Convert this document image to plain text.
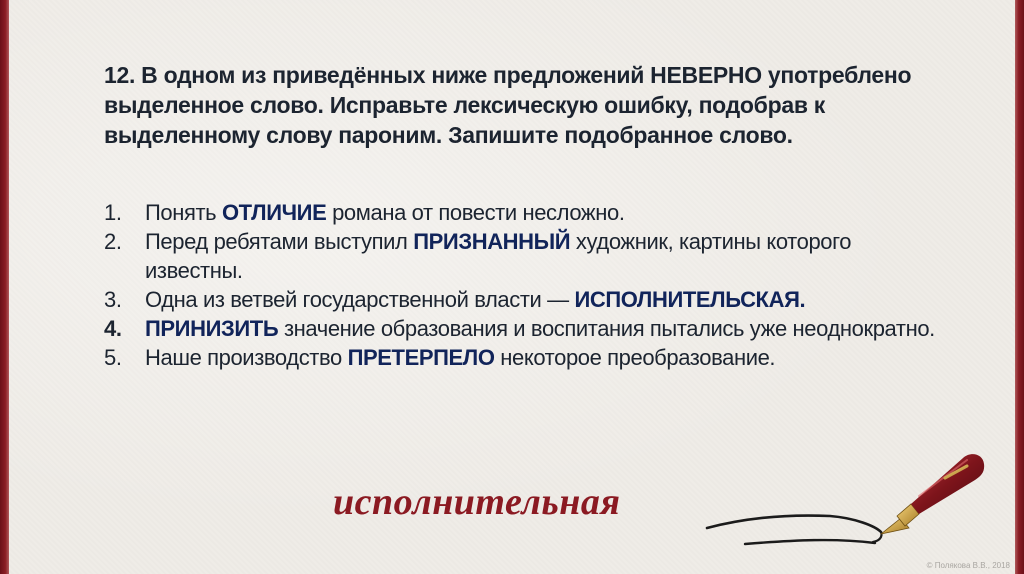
12. В одном из приведённых ниже предложений НЕВЕРНО употреблено выделенное слово. Исправьте лексическую ошибку, подобрав к выделенному слову пароним. Запишите подобранное слово.
1. Понять ОТЛИЧИЕ романа от повести несложно.
2. Перед ребятами выступил ПРИЗНАННЫЙ художник, картины которого известны.
3. Одна из ветвей государственной власти — ИСПОЛНИТЕЛЬСКАЯ.
4. ПРИНИЗИТЬ значение образования и воспитания пытались уже неоднократно.
5. Наше производство ПРЕТЕРПЕЛО некоторое преобразование.
исполнительная
© Полякова В.В., 2018
